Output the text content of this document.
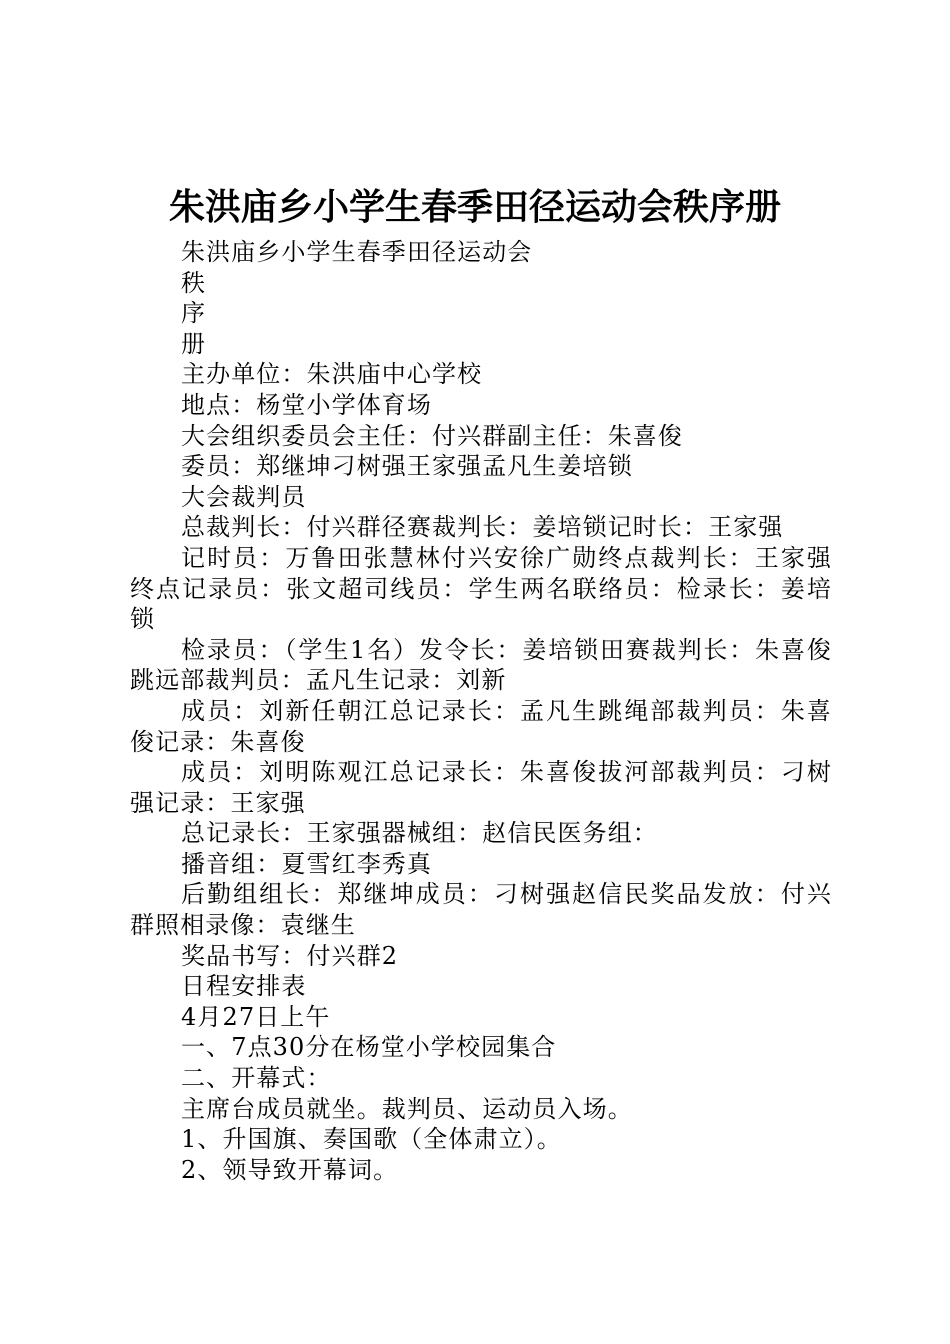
朱洪庙乡小学生春季田径运动会秩序册

朱洪庙乡小学生春季田径运动会

秩

序

册

主办单位：朱洪庙中心学校

地点：杨堂小学体育场

大会组织委员会主任：付兴群副主任：朱喜俊

委员：郑继坤刁树强王家强孟凡生姜培锁

大会裁判员

总裁判长：付兴群径赛裁判长：姜培锁记时长：王家强

记时员：万鲁田张慧林付兴安徐广勋终点裁判长：王家强终点记录员：张文超司线员：学生两名联络员：检录长：姜培锁

检录员：（学生1名）发令长：姜培锁田赛裁判长：朱喜俊跳远部裁判员：孟凡生记录：刘新

成员：刘新任朝江总记录长：孟凡生跳绳部裁判员：朱喜俊记录：朱喜俊

成员：刘明陈观江总记录长：朱喜俊拔河部裁判员：刁树强记录：王家强

总记录长：王家强器械组：赵信民医务组：

播音组：夏雪红李秀真

后勤组组长：郑继坤成员：刁树强赵信民奖品发放：付兴群照相录像：袁继生

奖品书写：付兴群2

日程安排表

4月27日上午

一、7点30分在杨堂小学校园集合

二、开幕式：

主席台成员就坐。裁判员、运动员入场。

1、升国旗、奏国歌（全体肃立）。

2、领导致开幕词。
